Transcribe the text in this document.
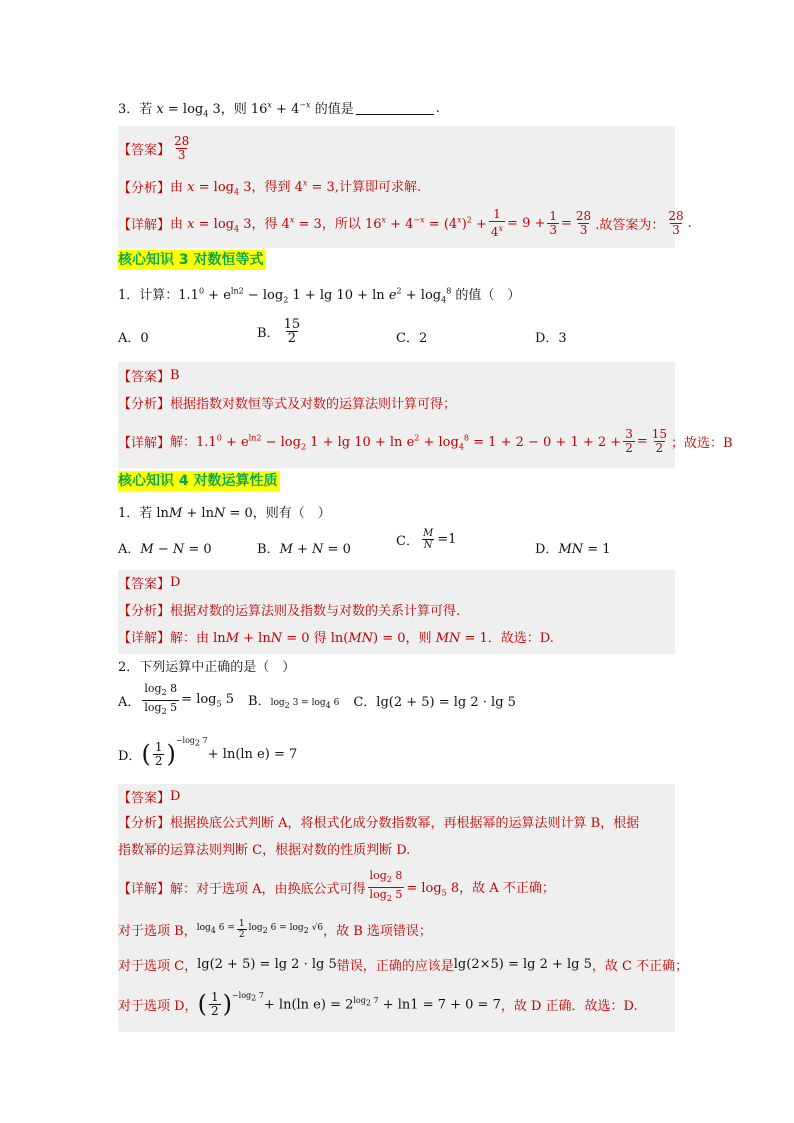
3．若 $x = \log_4 3$，则 $16^x + 4^{-x}$ 的值是	.
【答案】 $\frac{28}{3}$
【分析】 由 $x = \log_4 3$，得到 $4^x = 3$,计算即可求解.
【详解】 由 $x = \log_4 3$，得 $4^x = 3$，所以 $16^x + 4^{-x} = (4^x)^2 + \frac{1}{4^x} = 9 + \frac{1}{3} = \frac{28}{3}$ .故答案为： $\frac{28}{3}$ .
核心知识 3 对数恒等式
1．计算：$1.1^0 + e^{ln2} - \log_2 1 + \lg 10 + \ln e^2 + \log_4^8$ 的值（　）
A．0	B． $\frac{15}{2}$	C．2	D．3
【答案】 B
【分析】 根据指数对数恒等式及对数的运算法则计算可得；
【详解】 解：$1.1^0 + e^{ln2} - \log_2 1 + \lg 10 + \ln e^2 + \log_4^8 = 1 + 2 - 0 + 1 + 2 + \frac{3}{2} = \frac{15}{2}$ ；故选：B
核心知识 4 对数运算性质
1．若 lnM + lnN = 0，则有（　）
A．M − N = 0	B．M + N = 0
C． $\frac{M}{N} =1$
D．MN = 1
【答案】 D
【分析】 根据对数的运算法则及指数与对数的关系计算可得.
【详解】 解：由 lnM + lnN = 0 得 ln(MN) = 0，则 MN = 1．故选：D.
2．下列运算中正确的是（　）
A． $\frac{\log_2 8}{\log_2 5} = \log_5 5$ B．$\log_2 3 = \log_4 6$ C．lg(2 + 5) = lg 2 · lg 5
D． ( $\frac{1}{2} )^{-log_2 7}$
+ ln(ln e) = 7
【答案】 D
【分析】 根据换底公式判断 A，将根式化成分数指数幂，再根据幂的运算法则计算 B，根据
指数幂的运算法则判断 C，根据对数的性质判断 D.
【详解】 解：对于选项 A，由换底公式可得 $\frac{\log_2 8}{\log_2 5} = \log_5 8$，故 A 不正确；
对于选项 B， $\log_4 6 = \frac{1}{2} \log_2 6 = \log_2 √6$ ，故 B 选项错误；
对于选项 C， lg(2 + 5) = lg 2 · lg 5 错误，正确的应该是 lg(2×5) = lg 2 + lg 5 ，故 C 不正确；
对于选项 D， ( $\frac{1}{2} )^{-log_2 7}$
+ ln(ln $e) = 2^{log_2 7} + \ln 1 = 7 + 0 = 7$ ，故 D 正确．故选：D.
